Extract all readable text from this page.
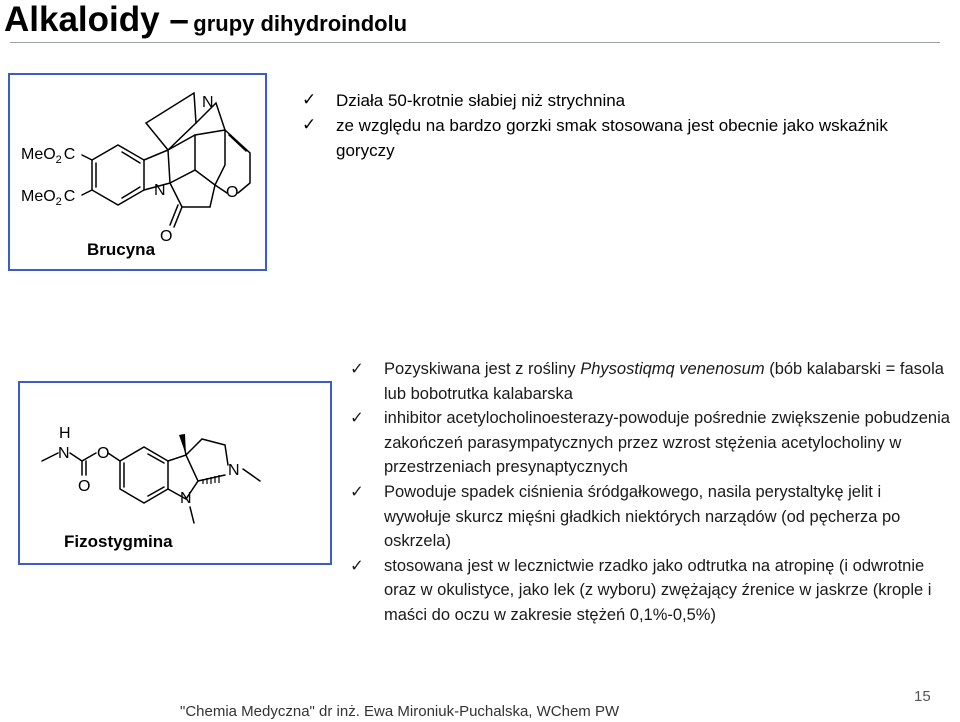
Alkaloidy – grupy dihydroindolu
MeO$_2$ C
MeO$_2$ C
N
N	O
O
Brucyna
✓ Działa 50-krotnie słabiej niż strychnina
✓ ze względu na bardzo gorzki smak stosowana jest obecnie jako wskaźnik goryczy
H
N O
O
N
N
Fizostygmina
✓ Pozyskiwana jest z rośliny Physostiqmq venenosum (bób kalabarski = fasola lub bobotrutka kalabarska
✓ inhibitor acetylocholinoesterazy-powoduje pośrednie zwiększenie pobudzenia zakończeń parasympatycznych przez wzrost stężenia acetylocholiny w przestrzeniach presynaptycznych
✓ Powoduje spadek ciśnienia śródgałkowego, nasila perystaltykę jelit i wywołuje skurcz mięśni gładkich niektórych narządów (od pęcherza po oskrzela)
✓ stosowana jest w lecznictwie rzadko jako odtrutka na atropinę (i odwrotnie oraz w okulistyce, jako lek (z wyboru) zwężający źrenice w jaskrze (krople i maści do oczu w zakresie stężeń 0,1%-0,5%)
"Chemia Medyczna" dr inż. Ewa Mironiuk-Puchalska, WChem PW
15
